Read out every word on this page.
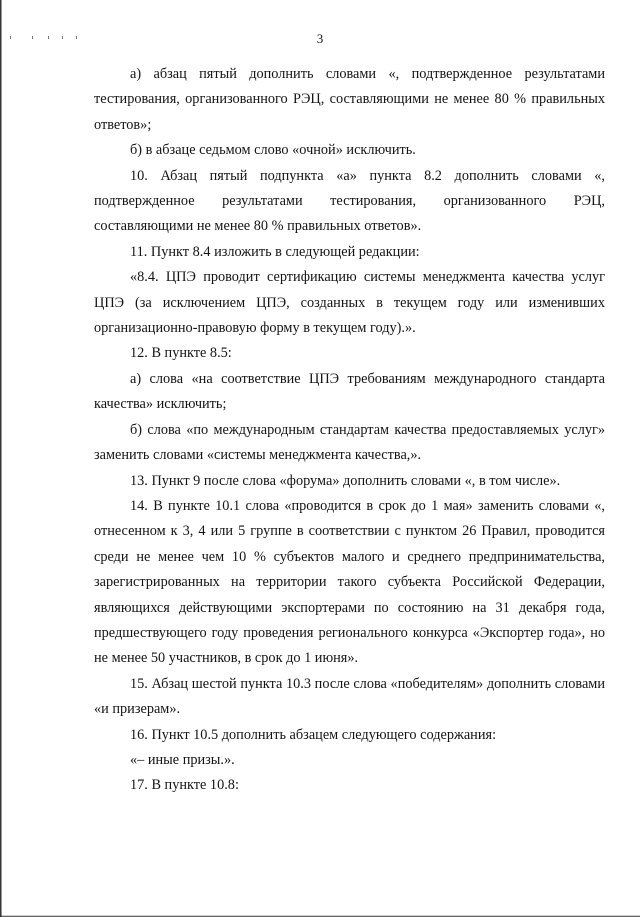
3

а) абзац пятый дополнить словами «, подтвержденное результатами тестирования, организованного РЭЦ, составляющими не менее 80 % правильных ответов»;

б) в абзаце седьмом слово «очной» исключить.

10. Абзац пятый подпункта «а» пункта 8.2 дополнить словами «, подтвержденное результатами тестирования, организованного РЭЦ, составляющими не менее 80 % правильных ответов».

11. Пункт 8.4 изложить в следующей редакции:

«8.4. ЦПЭ проводит сертификацию системы менеджмента качества услуг ЦПЭ (за исключением ЦПЭ, созданных в текущем году или изменивших организационно-правовую форму в текущем году).».

12. В пункте 8.5:

а) слова «на соответствие ЦПЭ требованиям международного стандарта качества» исключить;

б) слова «по международным стандартам качества предоставляемых услуг» заменить словами «системы менеджмента качества,».

13. Пункт 9 после слова «форума» дополнить словами «, в том числе».

14. В пункте 10.1 слова «проводится в срок до 1 мая» заменить словами «, отнесенном к 3, 4 или 5 группе в соответствии с пунктом 26 Правил, проводится среди не менее чем 10 % субъектов малого и среднего предпринимательства, зарегистрированных на территории такого субъекта Российской Федерации, являющихся действующими экспортерами по состоянию на 31 декабря года, предшествующего году проведения регионального конкурса «Экспортер года», но не менее 50 участников, в срок до 1 июня».

15. Абзац шестой пункта 10.3 после слова «победителям» дополнить словами «и призерам».

16. Пункт 10.5 дополнить абзацем следующего содержания:

«– иные призы.».

17. В пункте 10.8:
